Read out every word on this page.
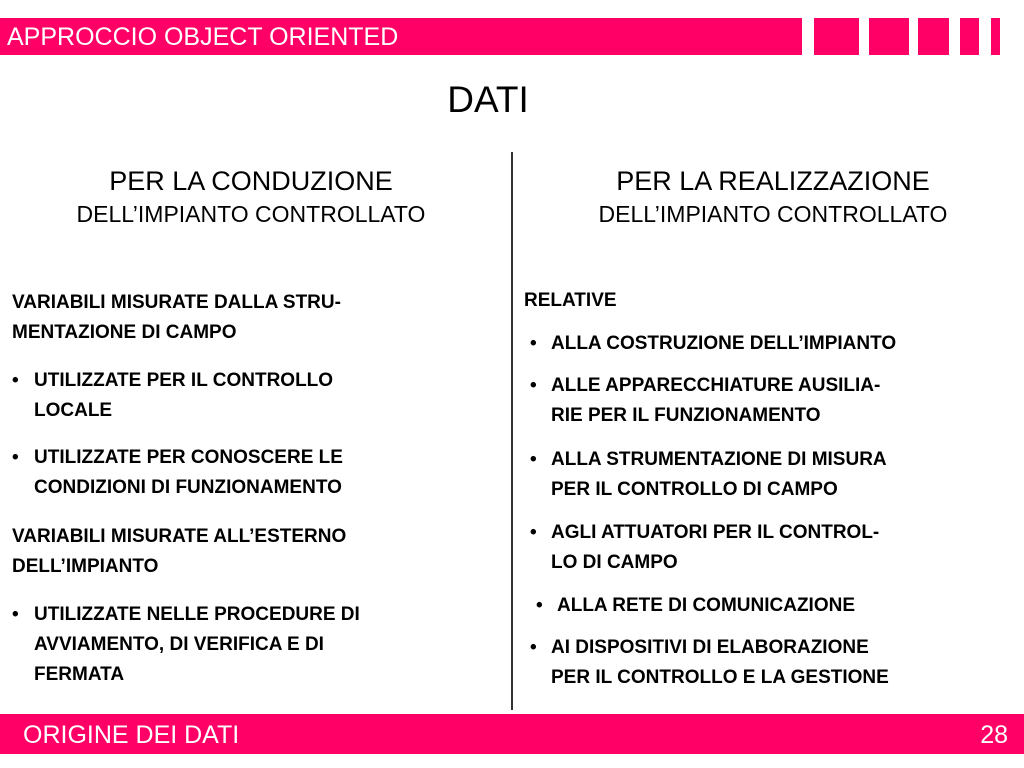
APPROCCIO OBJECT ORIENTED
DATI
PER LA CONDUZIONE
DELL’IMPIANTO CONTROLLATO
PER LA REALIZZAZIONE
DELL’IMPIANTO CONTROLLATO
VARIABILI MISURATE DALLA STRU-
MENTAZIONE DI CAMPO
• UTILIZZATE PER IL CONTROLLO
LOCALE
• UTILIZZATE PER CONOSCERE LE
CONDIZIONI DI FUNZIONAMENTO
VARIABILI MISURATE ALL’ESTERNO
DELL’IMPIANTO
• UTILIZZATE NELLE PROCEDURE DI
AVVIAMENTO, DI VERIFICA E DI
FERMATA
RELATIVE
• ALLA COSTRUZIONE DELL’IMPIANTO
• ALLE APPARECCHIATURE AUSILIA-
RIE PER IL FUNZIONAMENTO
• ALLA STRUMENTAZIONE DI MISURA
PER IL CONTROLLO DI CAMPO
• AGLI ATTUATORI PER IL CONTROL-
LO DI CAMPO
• ALLA RETE DI COMUNICAZIONE
• AI DISPOSITIVI DI ELABORAZIONE
PER IL CONTROLLO E LA GESTIONE
ORIGINE DEI DATI	28
